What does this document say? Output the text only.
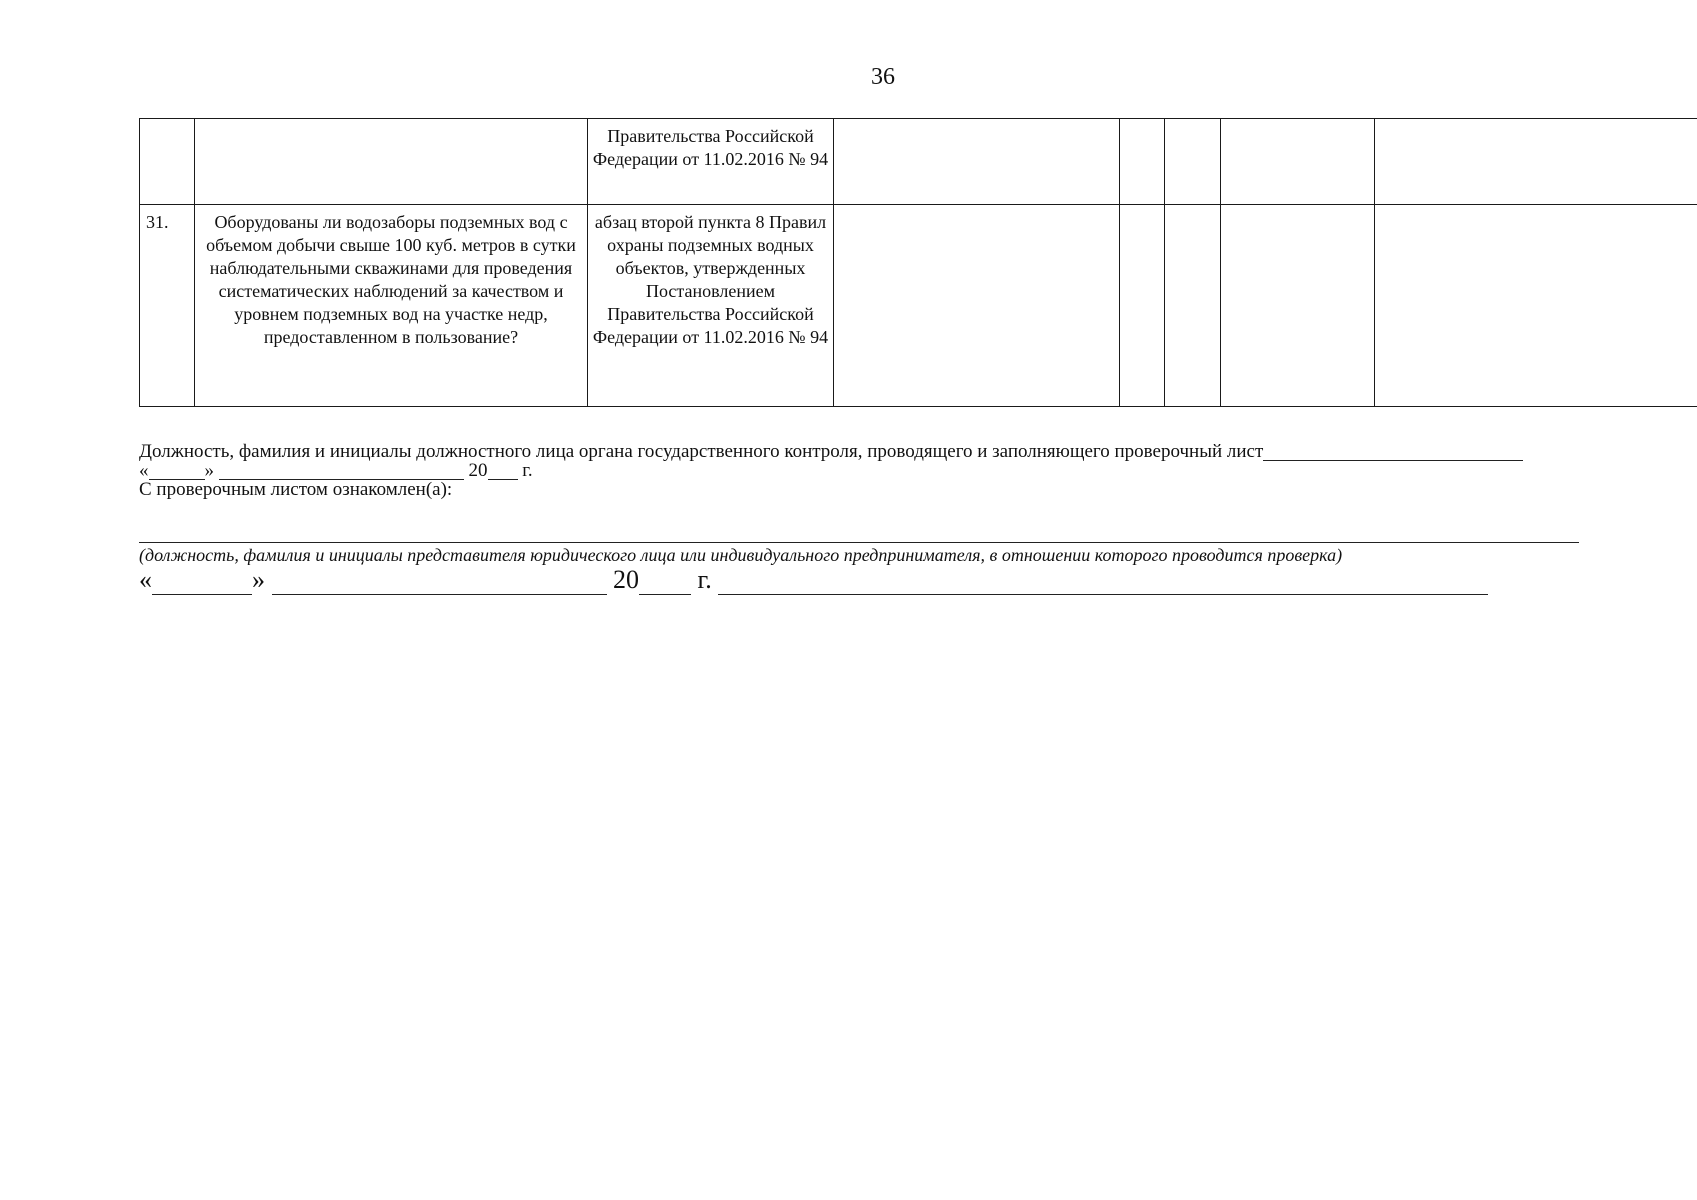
36
		Правительства Российской Федерации от 11.02.2016 № 94					
31.	Оборудованы ли водозаборы подземных вод с объемом добычи свыше 100 куб. метров в сутки наблюдательными скважинами для проведения систематических наблюдений за качеством и уровнем подземных вод на участке недр, предоставленном в пользование?	абзац второй пункта 8 Правил охраны подземных водных объектов, утвержденных Постановлением Правительства Российской Федерации от 11.02.2016 № 94					
Должность, фамилия и инициалы должностного лица органа государственного контроля, проводящего и заполняющего проверочный лист
«	»	20 г.
С проверочным листом ознакомлен(а):
(должность, фамилия и инициалы представителя юридического лица или индивидуального предпринимателя, в отношении которого проводится проверка)
«	»	20 г.
